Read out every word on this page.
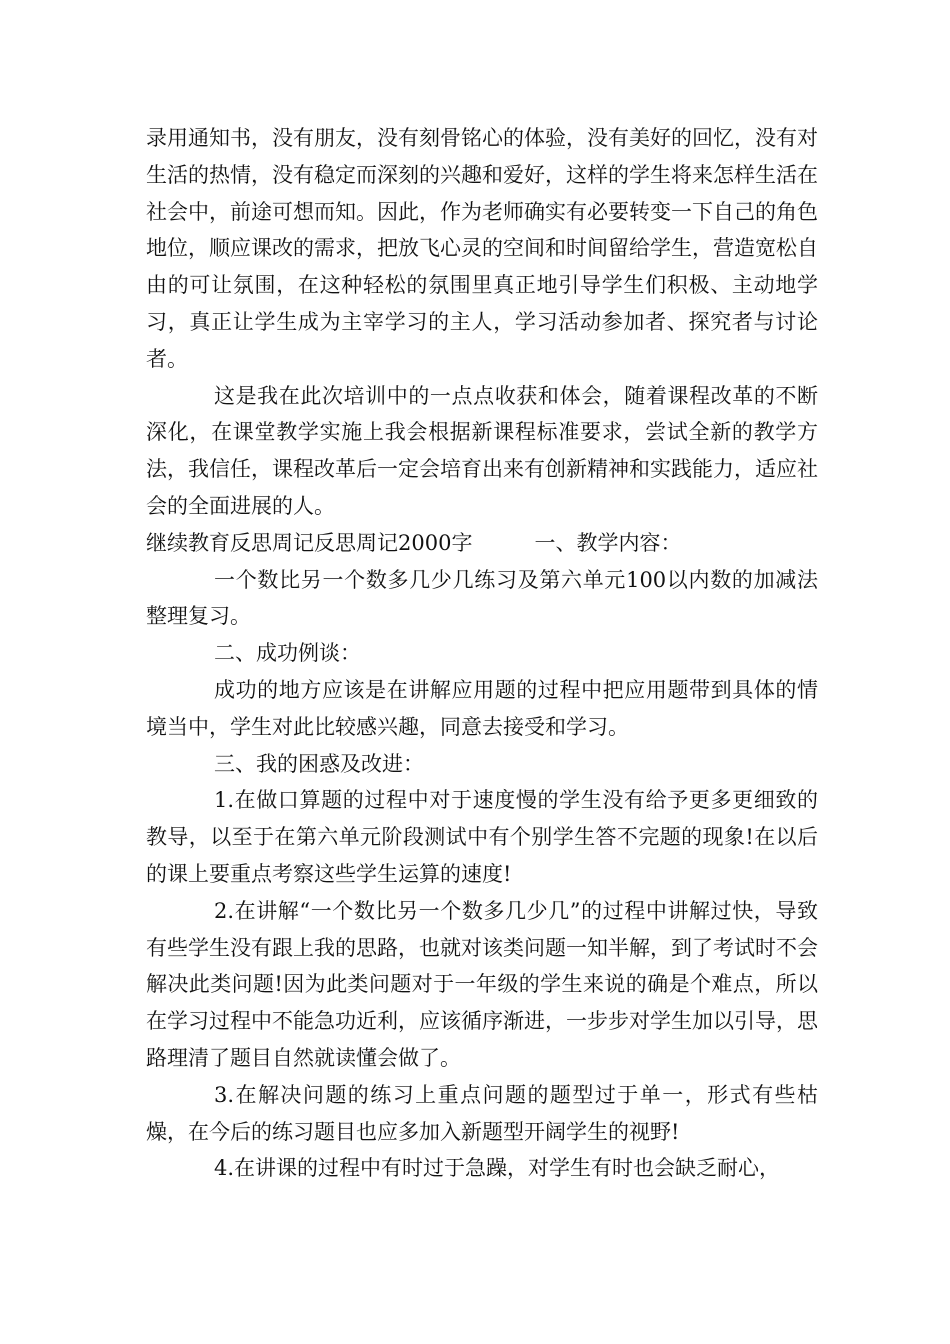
录用通知书，没有朋友，没有刻骨铭心的体验，没有美好的回忆，没有对生活的热情，没有稳定而深刻的兴趣和爱好，这样的学生将来怎样生活在社会中，前途可想而知。因此，作为老师确实有必要转变一下自己的角色地位，顺应课改的需求，把放飞心灵的空间和时间留给学生，营造宽松自由的可让氛围，在这种轻松的氛围里真正地引导学生们积极、主动地学习，真正让学生成为主宰学习的主人，学习活动参加者、探究者与讨论者。

这是我在此次培训中的一点点收获和体会，随着课程改革的不断深化，在课堂教学实施上我会根据新课程标准要求，尝试全新的教学方法，我信任，课程改革后一定会培育出来有创新精神和实践能力，适应社会的全面进展的人。

继续教育反思周记反思周记2000字	一、教学内容：

一个数比另一个数多几少几练习及第六单元100以内数的加减法整理复习。

二、成功例谈：

成功的地方应该是在讲解应用题的过程中把应用题带到具体的情境当中，学生对此比较感兴趣，同意去接受和学习。

三、我的困惑及改进：

1.在做口算题的过程中对于速度慢的学生没有给予更多更细致的教导，以至于在第六单元阶段测试中有个别学生答不完题的现象!在以后的课上要重点考察这些学生运算的速度!

2.在讲解“一个数比另一个数多几少几”的过程中讲解过快，导致有些学生没有跟上我的思路，也就对该类问题一知半解，到了考试时不会解决此类问题!因为此类问题对于一年级的学生来说的确是个难点，所以在学习过程中不能急功近利，应该循序渐进，一步步对学生加以引导，思路理清了题目自然就读懂会做了。

3.在解决问题的练习上重点问题的题型过于单一，形式有些枯燥，在今后的练习题目也应多加入新题型开阔学生的视野!

4.在讲课的过程中有时过于急躁，对学生有时也会缺乏耐心，
